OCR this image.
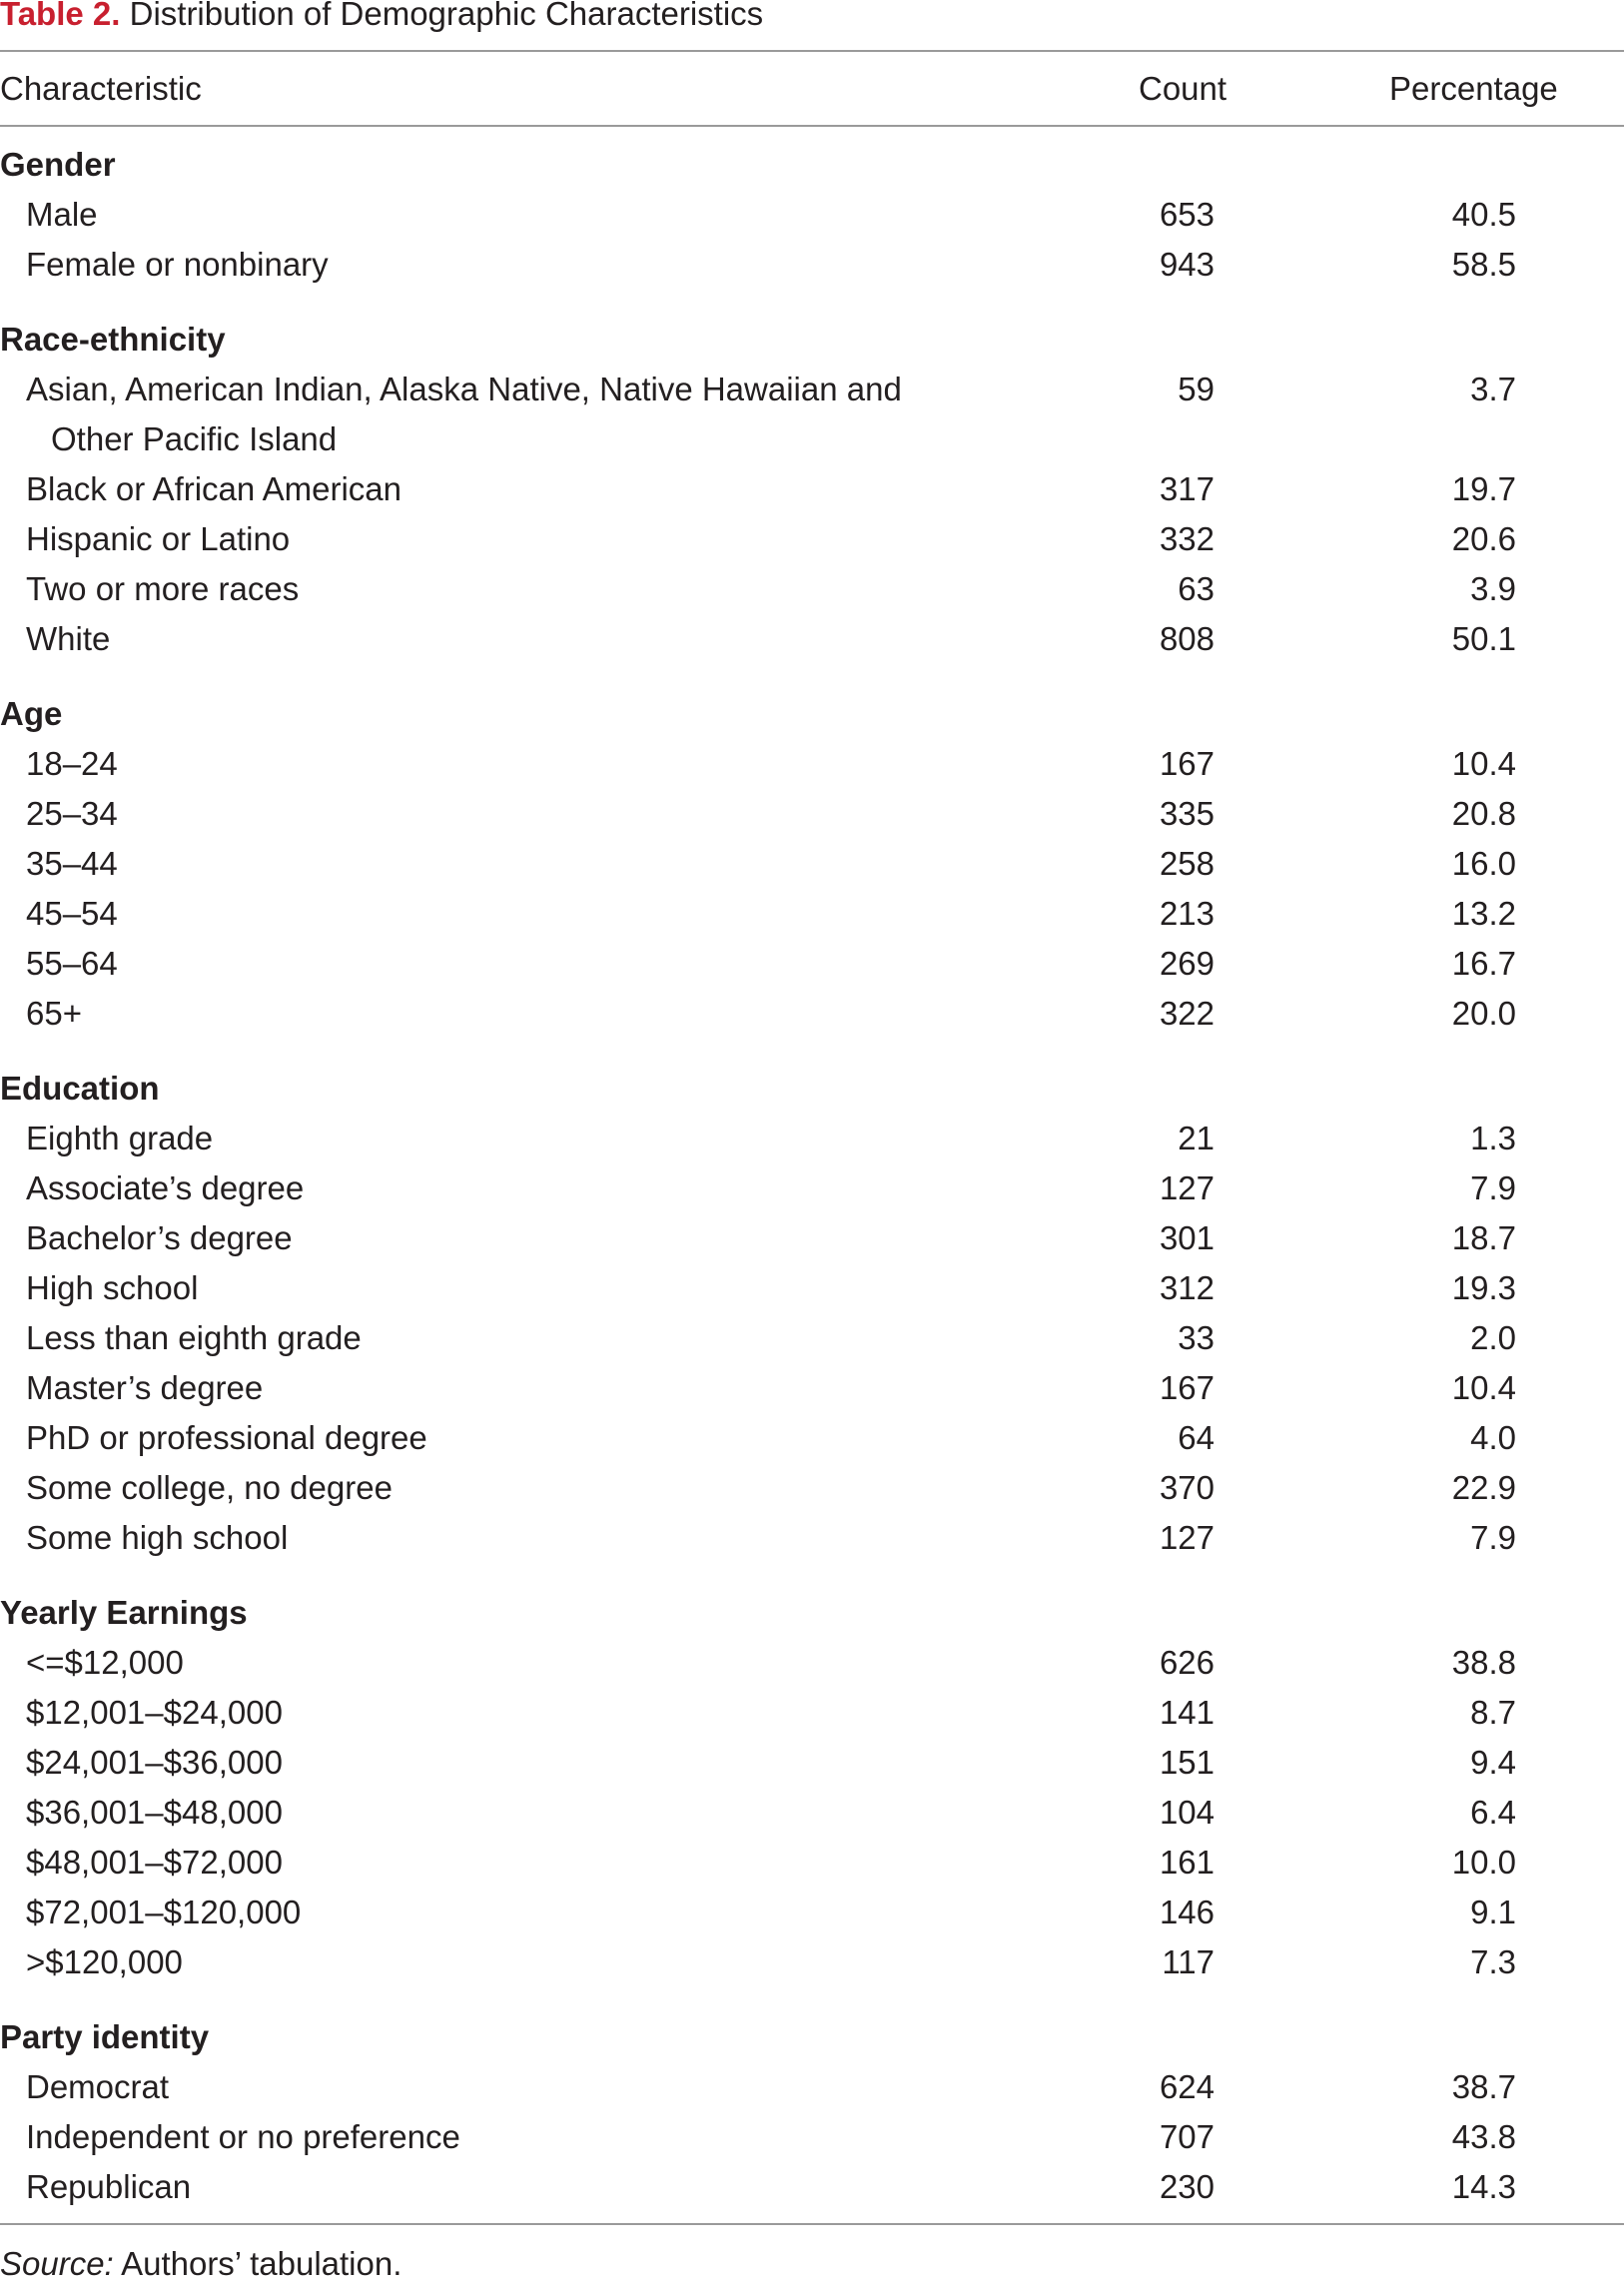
Table 2. Distribution of Demographic Characteristics
Characteristic	Count	Percentage
Gender
Male	653	40.5
Female or nonbinary	943	58.5
Race-ethnicity
Asian, American Indian, Alaska Native, Native Hawaiian and
Other Pacific Island
59	3.7
Black or African American	317	19.7
Hispanic or Latino	332	20.6
Two or more races	63	3.9
White	808	50.1
Age
18–24	167	10.4
25–34	335	20.8
35–44	258	16.0
45–54	213	13.2
55–64	269	16.7
65+	322	20.0
Education
Eighth grade	21	1.3
Associate’s degree	127	7.9
Bachelor’s degree	301	18.7
High school	312	19.3
Less than eighth grade	33	2.0
Master’s degree	167	10.4
PhD or professional degree	64	4.0
Some college, no degree	370	22.9
Some high school	127	7.9
Yearly Earnings
<=$12,000	626	38.8
$12,001–$24,000	141	8.7
$24,001–$36,000	151	9.4
$36,001–$48,000	104	6.4
$48,001–$72,000	161	10.0
$72,001–$120,000	146	9.1
>$120,000	117	7.3
Party identity
Democrat	624	38.7
Independent or no preference	707	43.8
Republican	230	14.3
Source: Authors’ tabulation.
